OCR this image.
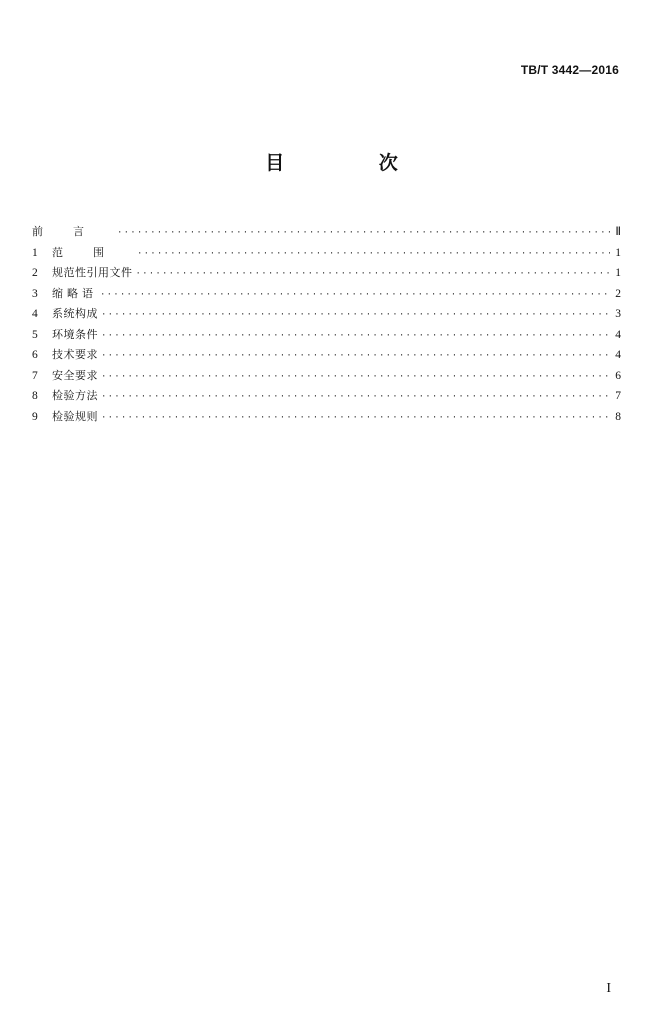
TB/T 3442—2016
目 次
前言 ·····	Ⅱ
1	范围 ·····	1
2	规范性引用文件 ·····	1
3	缩略语 ·····	2
4	系统构成 ·····	3
5	环境条件 ·····	4
6	技术要求 ·····	4
7	安全要求 ·····	6
8	检验方法 ·····	7
9	检验规则 ·····	8
I
